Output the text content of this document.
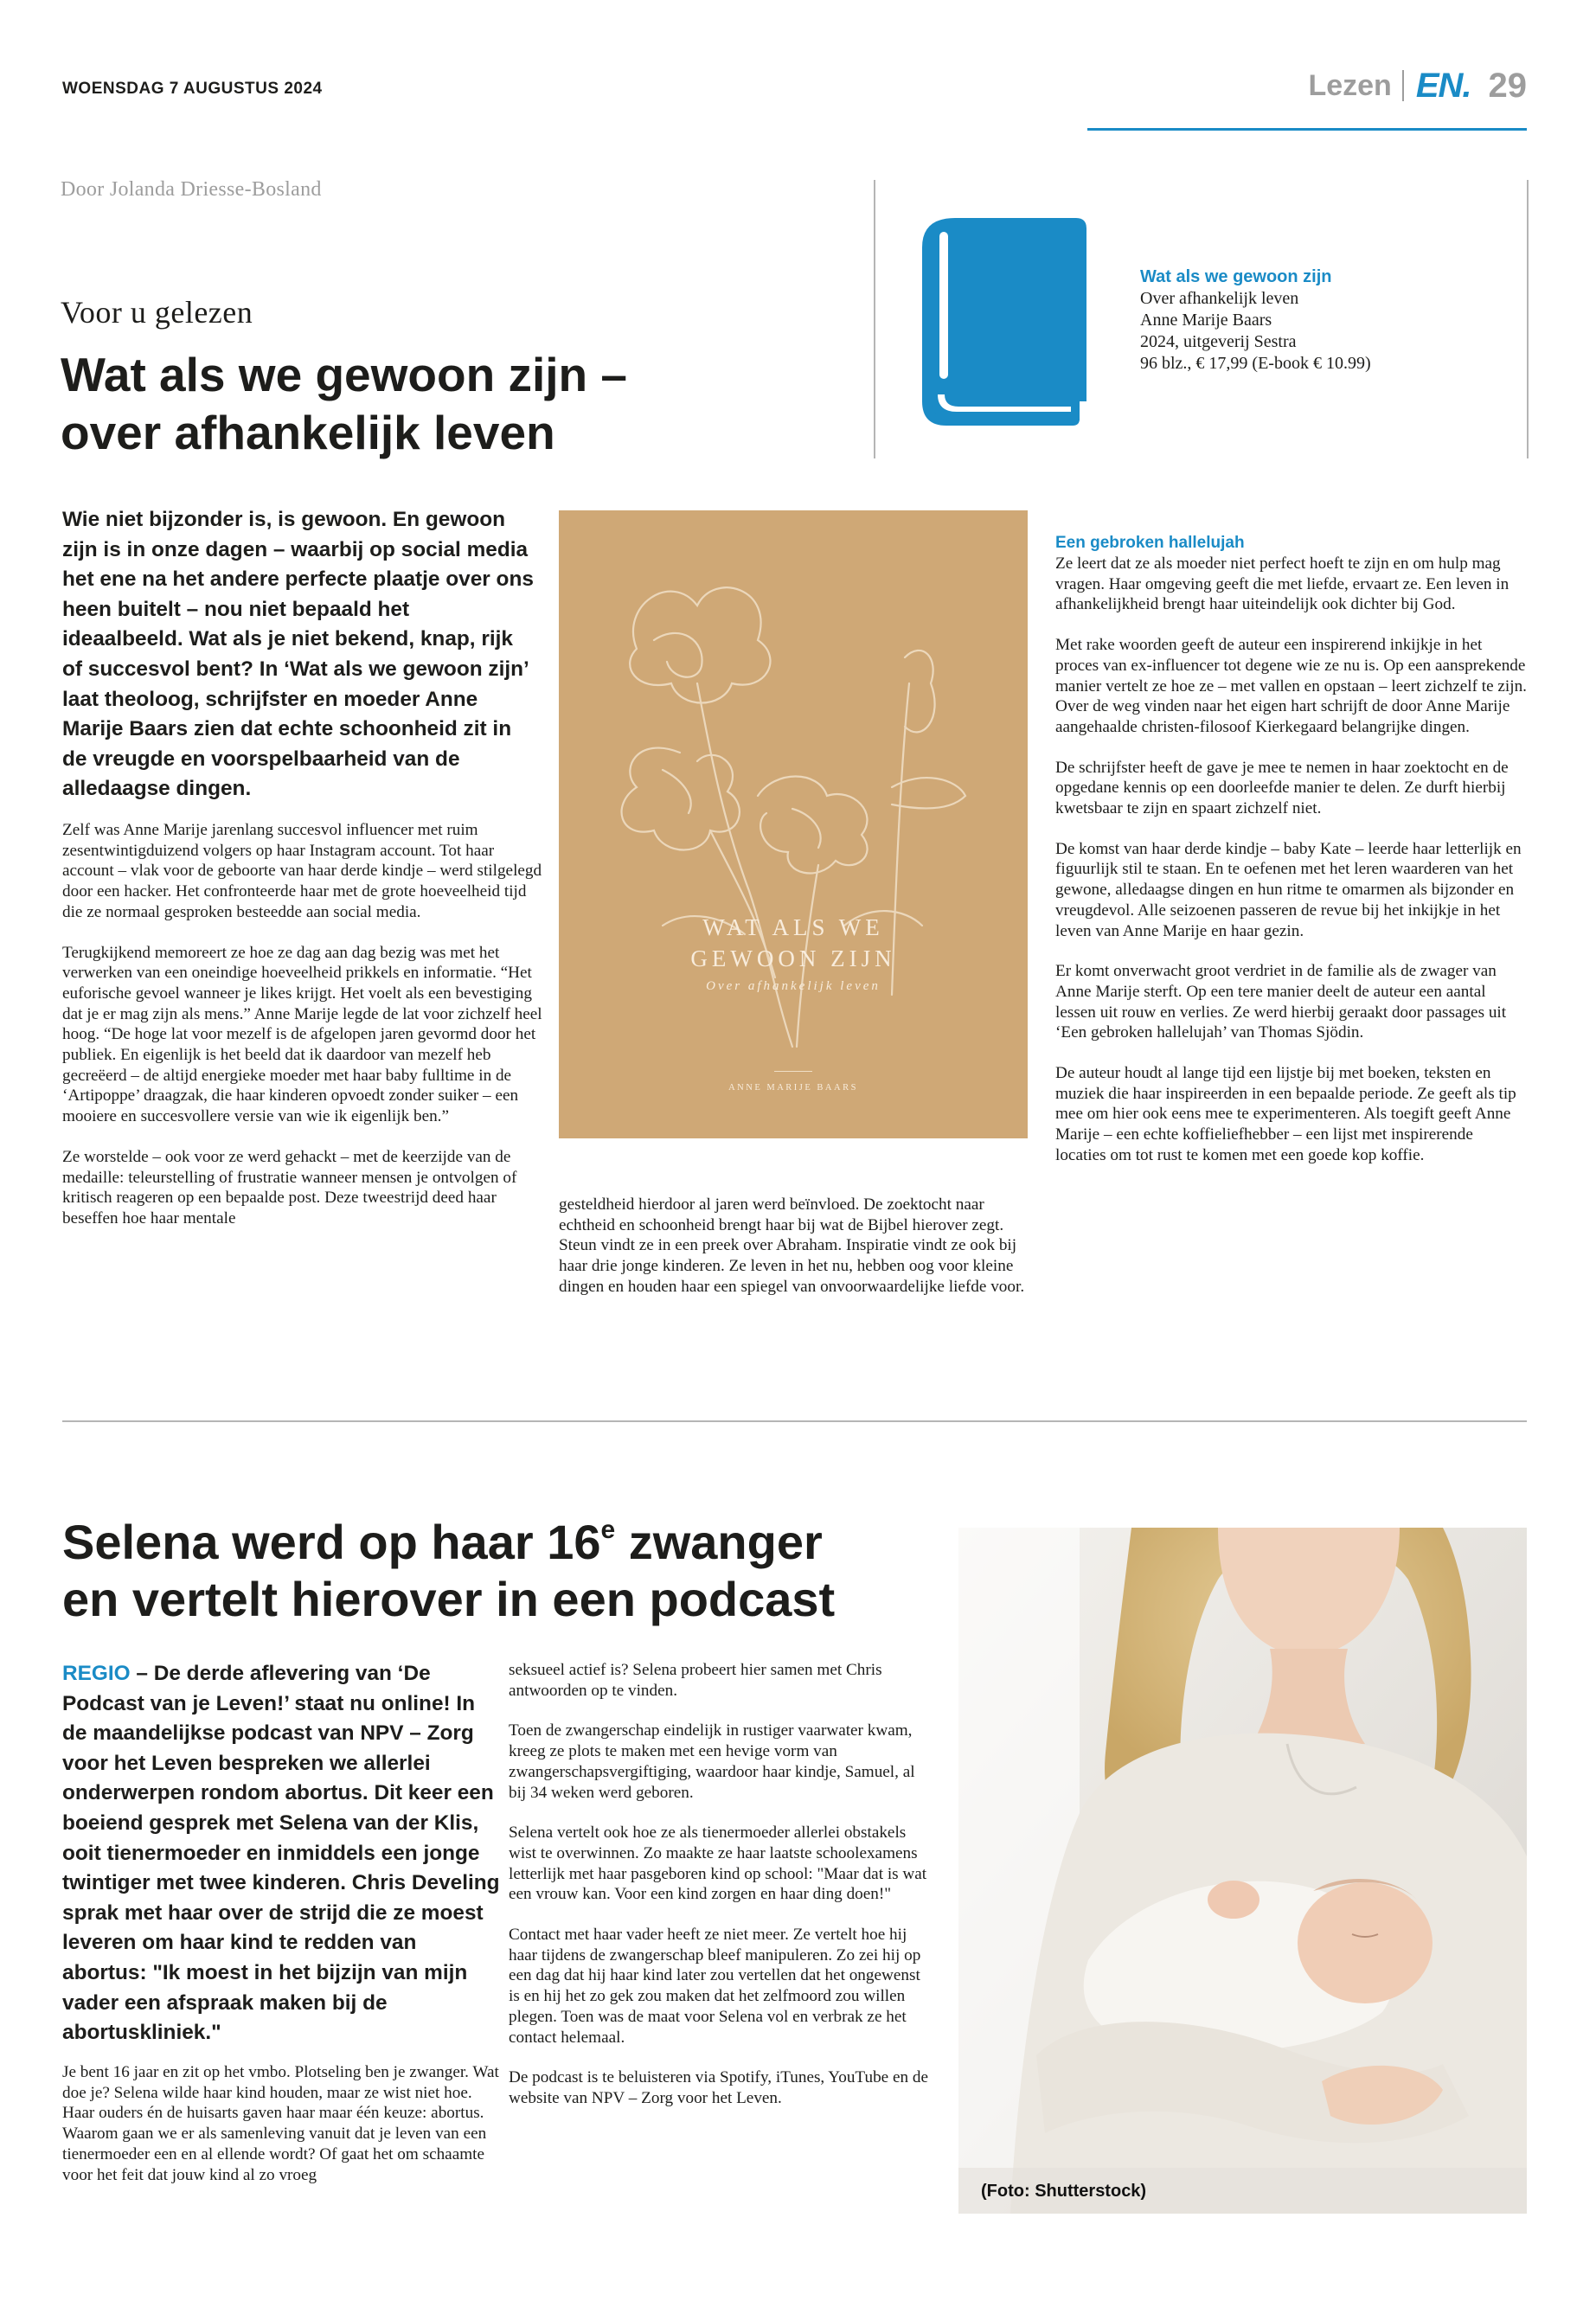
WOENSDAG 7 AUGUSTUS 2024	Lezen EN. 29
Door Jolanda Driesse-Bosland
Voor u gelezen
Wat als we gewoon zijn –
over afhankelijk leven
Wat als we gewoon zijn
Over afhankelijk leven
Anne Marije Baars
2024, uitgeverij Sestra
96 blz., € 17,99 (E-book € 10.99)
Wie niet bijzonder is, is gewoon. En gewoon zijn is in onze dagen – waarbij op social media het ene na het andere perfecte plaatje over ons heen buitelt – nou niet bepaald het ideaalbeeld. Wat als je niet bekend, knap, rijk of succesvol bent? In ‘Wat als we gewoon zijn’ laat theoloog, schrijfster en moeder Anne Marije Baars zien dat echte schoonheid zit in de vreugde en voorspelbaarheid van de alledaagse dingen.

Zelf was Anne Marije jarenlang succesvol influencer met ruim zesentwintigduizend volgers op haar Instagram account. Tot haar account – vlak voor de geboorte van haar derde kindje – werd stilgelegd door een hacker. Het confronteerde haar met de grote hoeveelheid tijd die ze normaal gesproken besteedde aan social media.

Terugkijkend memoreert ze hoe ze dag aan dag bezig was met het verwerken van een oneindige hoeveelheid prikkels en informatie. “Het euforische gevoel wanneer je likes krijgt. Het voelt als een bevestiging dat je er mag zijn als mens.” Anne Marije legde de lat voor zichzelf heel hoog. “De hoge lat voor mezelf is de afgelopen jaren gevormd door het publiek. En eigenlijk is het beeld dat ik daardoor van mezelf heb gecreëerd – de altijd energieke moeder met haar baby fulltime in de ‘Artipoppe’ draagzak, die haar kinderen opvoedt zonder suiker – een mooiere en succesvollere versie van wie ik eigenlijk ben.”

Ze worstelde – ook voor ze werd gehackt – met de keerzijde van de medaille: teleurstelling of frustratie wanneer mensen je ontvolgen of kritisch reageren op een bepaalde post. Deze tweestrijd deed haar beseffen hoe haar mentale

WAT ALS WE
GEWOON ZIJN
Over afhankelijk leven
ANNE MARIJE BAARS

gesteldheid hierdoor al jaren werd beïnvloed. De zoektocht naar echtheid en schoonheid brengt haar bij wat de Bijbel hierover zegt. Steun vindt ze in een preek over Abraham. Inspiratie vindt ze ook bij haar drie jonge kinderen. Ze leven in het nu, hebben oog voor kleine dingen en houden haar een spiegel van onvoorwaardelijke liefde voor.

Een gebroken hallelujah

Ze leert dat ze als moeder niet perfect hoeft te zijn en om hulp mag vragen. Haar omgeving geeft die met liefde, ervaart ze. Een leven in afhankelijkheid brengt haar uiteindelijk ook dichter bij God.

Met rake woorden geeft de auteur een inspirerend inkijkje in het proces van ex-influencer tot degene wie ze nu is. Op een aansprekende manier vertelt ze hoe ze – met vallen en opstaan – leert zichzelf te zijn. Over de weg vinden naar het eigen hart schrijft de door Anne Marije aangehaalde christen-filosoof Kierkegaard belangrijke dingen.

De schrijfster heeft de gave je mee te nemen in haar zoektocht en de opgedane kennis op een doorleefde manier te delen. Ze durft hierbij kwetsbaar te zijn en spaart zichzelf niet.

De komst van haar derde kindje – baby Kate – leerde haar letterlijk en figuurlijk stil te staan. En te oefenen met het leren waarderen van het gewone, alledaagse dingen en hun ritme te omarmen als bijzonder en vreugdevol. Alle seizoenen passeren de revue bij het inkijkje in het leven van Anne Marije en haar gezin.

Er komt onverwacht groot verdriet in de familie als de zwager van Anne Marije sterft. Op een tere manier deelt de auteur een aantal lessen uit rouw en verlies. Ze werd hierbij geraakt door passages uit ‘Een gebroken hallelujah’ van Thomas Sjödin.

De auteur houdt al lange tijd een lijstje bij met boeken, teksten en muziek die haar inspireerden in een bepaalde periode. Ze geeft als tip mee om hier ook eens mee te experimenteren. Als toegift geeft Anne Marije – een echte koffieliefhebber – een lijst met inspirerende locaties om tot rust te komen met een goede kop koffie.

Selena werd op haar 16e zwanger
en vertelt hierover in een podcast
REGIO – De derde aflevering van ‘De Podcast van je Leven!’ staat nu online! In de maandelijkse podcast van NPV – Zorg voor het Leven bespreken we allerlei onderwerpen rondom abortus. Dit keer een boeiend gesprek met Selena van der Klis, ooit tienermoeder en inmiddels een jonge twintiger met twee kinderen. Chris Develing sprak met haar over de strijd die ze moest leveren om haar kind te redden van abortus: "Ik moest in het bijzijn van mijn vader een afspraak maken bij de abortuskliniek."

Je bent 16 jaar en zit op het vmbo. Plotseling ben je zwanger. Wat doe je? Selena wilde haar kind houden, maar ze wist niet hoe. Haar ouders én de huisarts gaven haar maar één keuze: abortus. Waarom gaan we er als samenleving vanuit dat je leven van een tienermoeder een en al ellende wordt? Of gaat het om schaamte voor het feit dat jouw kind al zo vroeg

seksueel actief is? Selena probeert hier samen met Chris antwoorden op te vinden.

Toen de zwangerschap eindelijk in rustiger vaarwater kwam, kreeg ze plots te maken met een hevige vorm van zwangerschapsvergiftiging, waardoor haar kindje, Samuel, al bij 34 weken werd geboren.

Selena vertelt ook hoe ze als tienermoeder allerlei obstakels wist te overwinnen. Zo maakte ze haar laatste schoolexamens letterlijk met haar pasgeboren kind op school: "Maar dat is wat een vrouw kan. Voor een kind zorgen en haar ding doen!"

Contact met haar vader heeft ze niet meer. Ze vertelt hoe hij haar tijdens de zwangerschap bleef manipuleren. Zo zei hij op een dag dat hij haar kind later zou vertellen dat het ongewenst is en hij het zo gek zou maken dat het zelfmoord zou willen plegen. Toen was de maat voor Selena vol en verbrak ze het contact helemaal.

De podcast is te beluisteren via Spotify, iTunes, YouTube en de website van NPV – Zorg voor het Leven.

(Foto: Shutterstock)
